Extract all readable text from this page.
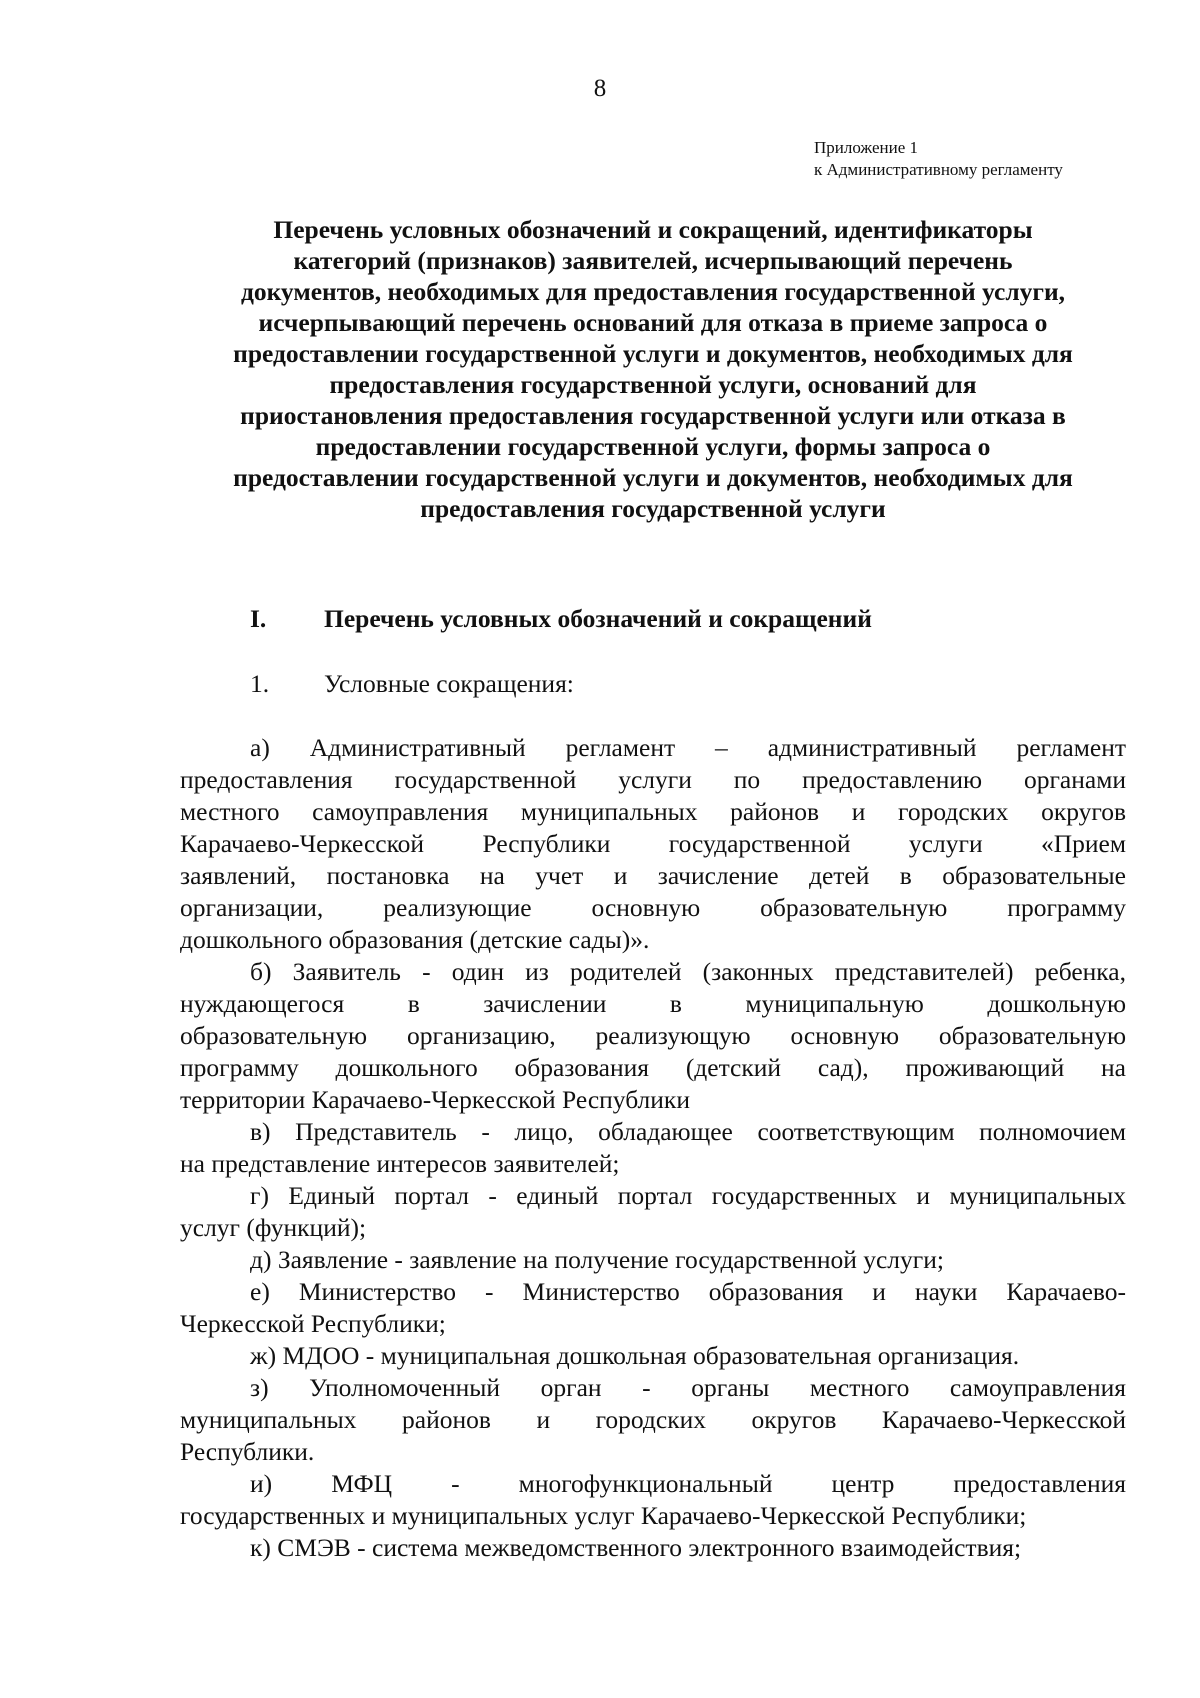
8
Приложение 1
к Административному регламенту
Перечень условных обозначений и сокращений, идентификаторы
категорий (признаков) заявителей, исчерпывающий перечень
документов, необходимых для предоставления государственной услуги,
исчерпывающий перечень оснований для отказа в приеме запроса о
предоставлении государственной услуги и документов, необходимых для
предоставления государственной услуги, оснований для
приостановления предоставления государственной услуги или отказа в
предоставлении государственной услуги, формы запроса о
предоставлении государственной услуги и документов, необходимых для
предоставления государственной услуги
I. Перечень условных обозначений и сокращений
1. Условные сокращения:
а) Административный регламент – административный регламент
предоставления государственной услуги по предоставлению органами
местного самоуправления муниципальных районов и городских округов
Карачаево-Черкесской Республики государственной услуги «Прием
заявлений, постановка на учет и зачисление детей в образовательные
организации, реализующие основную образовательную программу
дошкольного образования (детские сады)».
б) Заявитель - один из родителей (законных представителей) ребенка,
нуждающегося в зачислении в муниципальную дошкольную
образовательную организацию, реализующую основную образовательную
программу дошкольного образования (детский сад), проживающий на
территории Карачаево-Черкесской Республики
в) Представитель - лицо, обладающее соответствующим полномочием
на представление интересов заявителей;
г) Единый портал - единый портал государственных и муниципальных
услуг (функций);
д) Заявление - заявление на получение государственной услуги;
е) Министерство - Министерство образования и науки Карачаево-
Черкесской Республики;
ж) МДОО - муниципальная дошкольная образовательная организация.
з) Уполномоченный орган - органы местного самоуправления
муниципальных районов и городских округов Карачаево-Черкесской
Республики.
и) МФЦ - многофункциональный центр предоставления
государственных и муниципальных услуг Карачаево-Черкесской Республики;
к) СМЭВ - система межведомственного электронного взаимодействия;
